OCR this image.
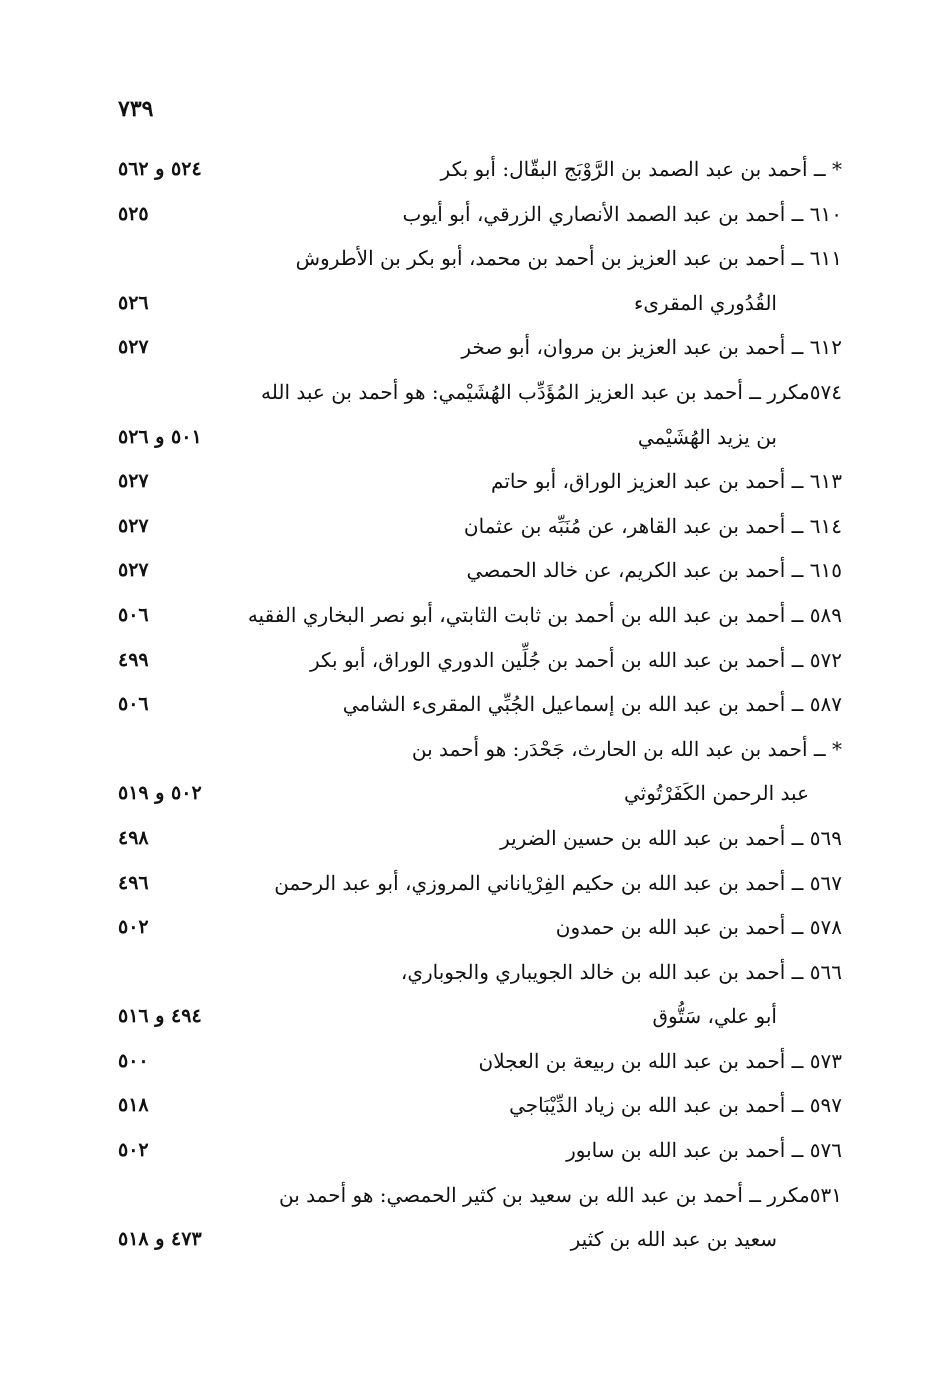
٧٣٩
* ــ أحمد بن عبد الصمد بن الرَّوْبَج البقّال: أبو بكر
٥٢٤ و ٥٦٢
٦١٠ ــ أحمد بن عبد الصمد الأنصاري الزرقي، أبو أيوب
٥٢٥
٦١١ ــ أحمد بن عبد العزيز بن أحمد بن محمد، أبو بكر بن الأطروش
القُدُوري المقرىء
٥٢٦
٦١٢ ــ أحمد بن عبد العزيز بن مروان، أبو صخر
٥٢٧
٥٧٤مكرر ــ أحمد بن عبد العزيز المُؤَدِّب الهُشَيْمي: هو أحمد بن عبد الله
بن يزيد الهُشَيْمي
٥٠١ و ٥٢٦
٦١٣ ــ أحمد بن عبد العزيز الوراق، أبو حاتم
٥٢٧
٦١٤ ــ أحمد بن عبد القاهر، عن مُنَبِّه بن عثمان
٥٢٧
٦١٥ ــ أحمد بن عبد الكريم، عن خالد الحمصي
٥٢٧
٥٨٩ ــ أحمد بن عبد الله بن أحمد بن ثابت الثابتي، أبو نصر البخاري الفقيه
٥٠٦
٥٧٢ ــ أحمد بن عبد الله بن أحمد بن جُلِّين الدوري الوراق، أبو بكر
٤٩٩
٥٨٧ ــ أحمد بن عبد الله بن إسماعيل الجُبِّي المقرىء الشامي
٥٠٦
* ــ أحمد بن عبد الله بن الحارث، جَحْدَر: هو أحمد بن
عبد الرحمن الكَفَرْتُوثي
٥٠٢ و ٥١٩
٥٦٩ ــ أحمد بن عبد الله بن حسين الضرير
٤٩٨
٥٦٧ ــ أحمد بن عبد الله بن حكيم الفِرْياناني المروزي، أبو عبد الرحمن
٤٩٦
٥٧٨ ــ أحمد بن عبد الله بن حمدون
٥٠٢
٥٦٦ ــ أحمد بن عبد الله بن خالد الجويباري والجوباري،
أبو علي، سَتُّوق
٤٩٤ و ٥١٦
٥٧٣ ــ أحمد بن عبد الله بن ربيعة بن العجلان
٥٠٠
٥٩٧ ــ أحمد بن عبد الله بن زياد الدِّيْبَاجي
٥١٨
٥٧٦ ــ أحمد بن عبد الله بن سابور
٥٠٢
٥٣١مكرر ــ أحمد بن عبد الله بن سعيد بن كثير الحمصي: هو أحمد بن
سعيد بن عبد الله بن كثير
٤٧٣ و ٥١٨
